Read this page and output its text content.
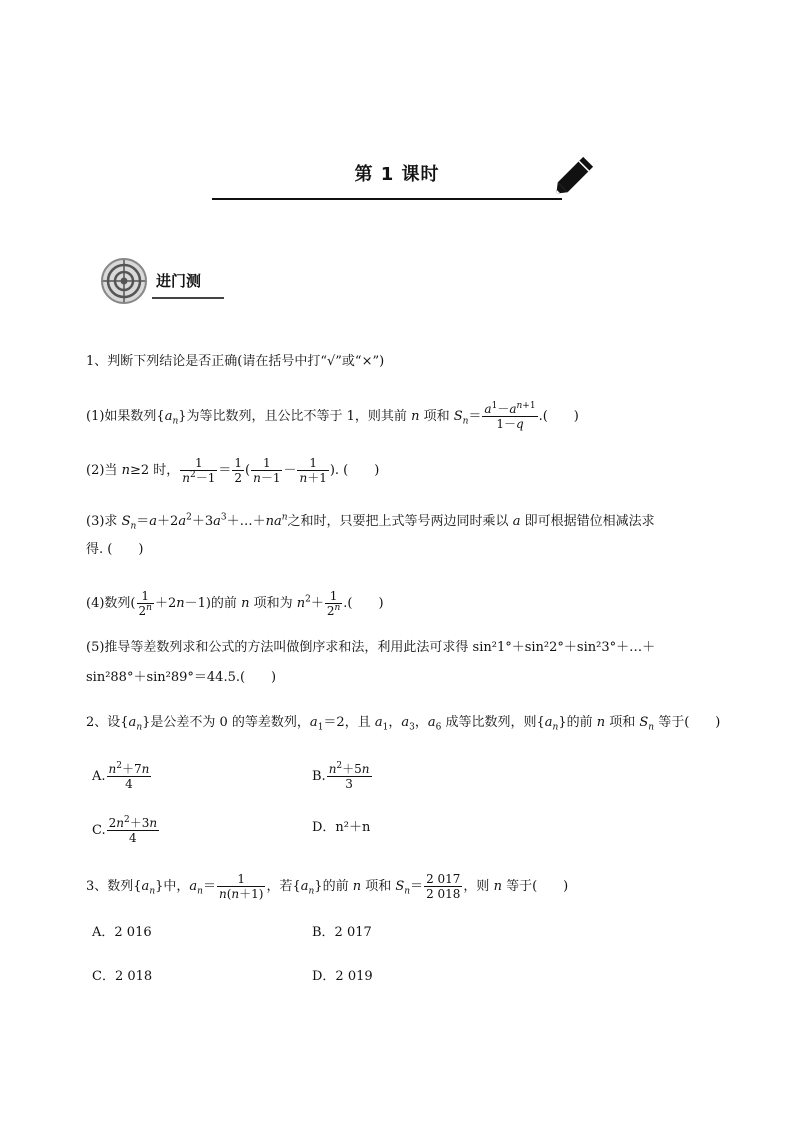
第 1 课时
进门测
1、判断下列结论是否正确(请在括号中打“√”或“×”)
(1)如果数列$\{a_n\}$为等比数列，且公比不等于 1，则其前 n 项和 $S_n= \frac{a^1-a^{n+1}}{1-q}$ .(　　)
(2)当 n≥2 时， $\frac{1}{n^2-1} = \frac{1}{2}$ ( $\frac{1}{n-1} - \frac{1}{n+1}$ ). (　　)
(3)求 $S_n=a+2a^2+3a^3+\dots+na^n$之和时，只要把上式等号两边同时乘以 a 即可根据错位相减法求
得. (　　)
(4)数列( $\frac{1}{2^n} +2n-1$)的前 n 项和为 $n^2+ \frac{1}{2^n}$ .(　　)
(5)推导等差数列求和公式的方法叫做倒序求和法，利用此法可求得 sin²1°＋sin²2°＋sin²3°＋…＋
sin²88°＋sin²89°＝44.5.(　　)
2、设$\{a_n\}$是公差不为 0 的等差数列，$a_1=2$，且 $a_1$，$a_3$，$a_6$ 成等比数列，则$\{a_n\}$的前 n 项和 $S_n$ 等于(　　)
A. $\frac{n^2+7n}{4}$	B. $\frac{n^2+5n}{3}$
C. $\frac{2n^2+3n}{4}$	D．n²＋n
3、数列$\{a_n\}$中，$a_n= \frac{1}{n(n+1)}$ ，若$\{a_n\}$的前 n 项和 $S_n= \frac{2 017}{2 018}$ ，则 n 等于(　　)
A．2 016	B．2 017
C．2 018	D．2 019
